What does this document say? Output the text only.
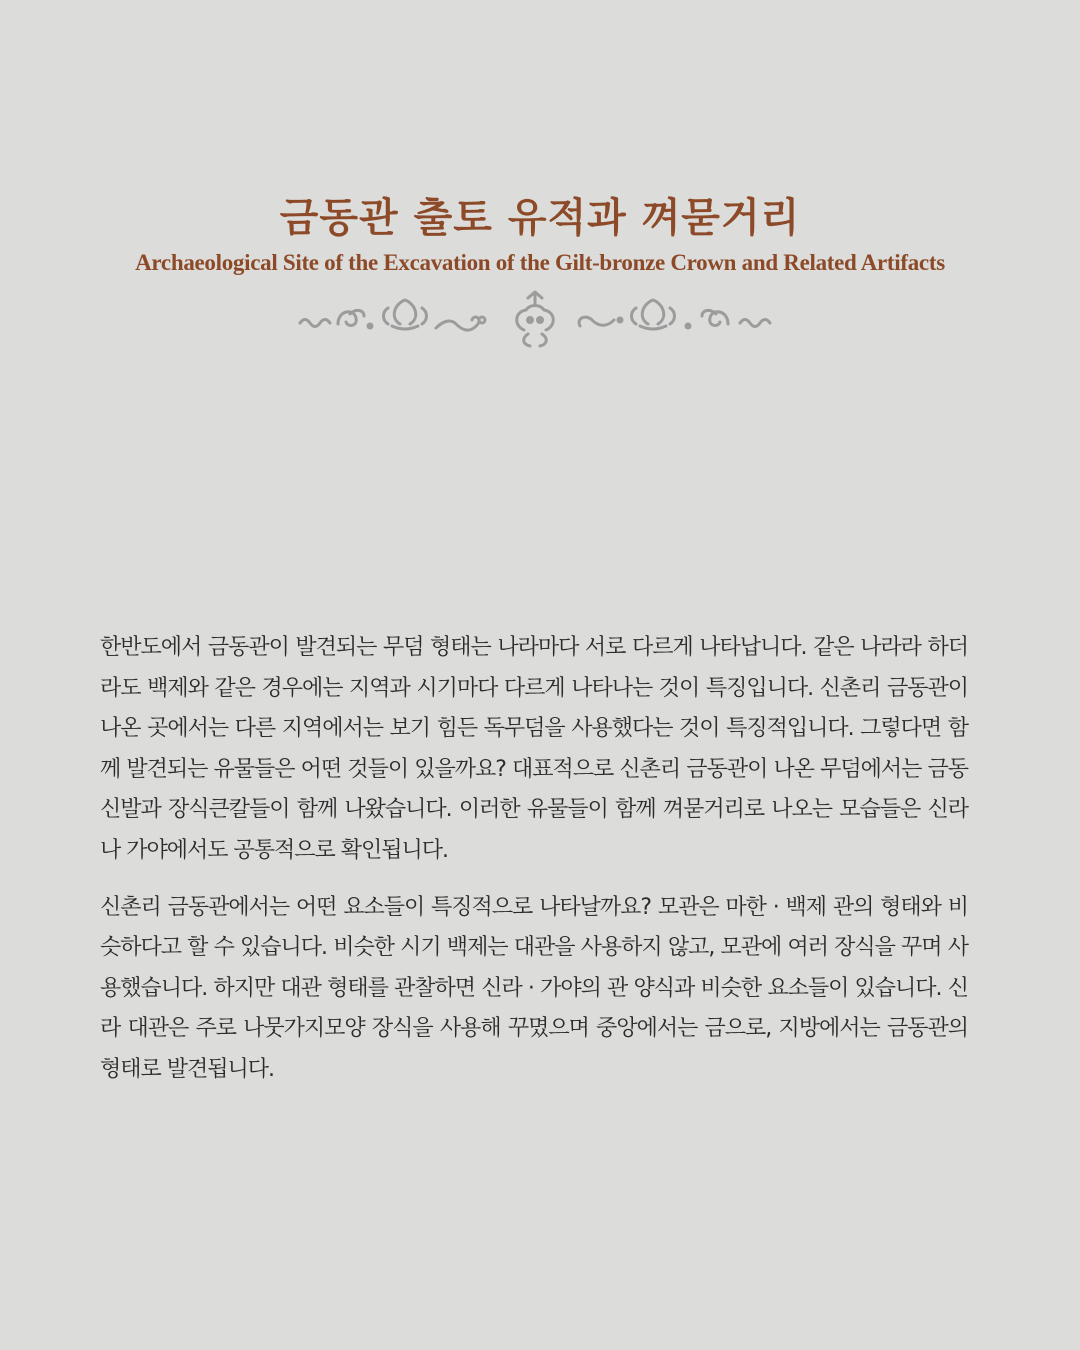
금동관 출토 유적과 껴묻거리
Archaeological Site of the Excavation of the Gilt-bronze Crown and Related Artifacts

한반도에서 금동관이 발견되는 무덤 형태는 나라마다 서로 다르게 나타납니다. 같은 나라라 하더라도 백제와 같은 경우에는 지역과 시기마다 다르게 나타나는 것이 특징입니다. 신촌리 금동관이 나온 곳에서는 다른 지역에서는 보기 힘든 독무덤을 사용했다는 것이 특징적입니다. 그렇다면 함께 발견되는 유물들은 어떤 것들이 있을까요? 대표적으로 신촌리 금동관이 나온 무덤에서는 금동신발과 장식큰칼들이 함께 나왔습니다. 이러한 유물들이 함께 껴묻거리로 나오는 모습들은 신라나 가야에서도 공통적으로 확인됩니다.

신촌리 금동관에서는 어떤 요소들이 특징적으로 나타날까요? 모관은 마한 · 백제 관의 형태와 비슷하다고 할 수 있습니다. 비슷한 시기 백제는 대관을 사용하지 않고, 모관에 여러 장식을 꾸며 사용했습니다. 하지만 대관 형태를 관찰하면 신라 · 가야의 관 양식과 비슷한 요소들이 있습니다. 신라 대관은 주로 나뭇가지모양 장식을 사용해 꾸몄으며 중앙에서는 금으로, 지방에서는 금동관의 형태로 발견됩니다.
